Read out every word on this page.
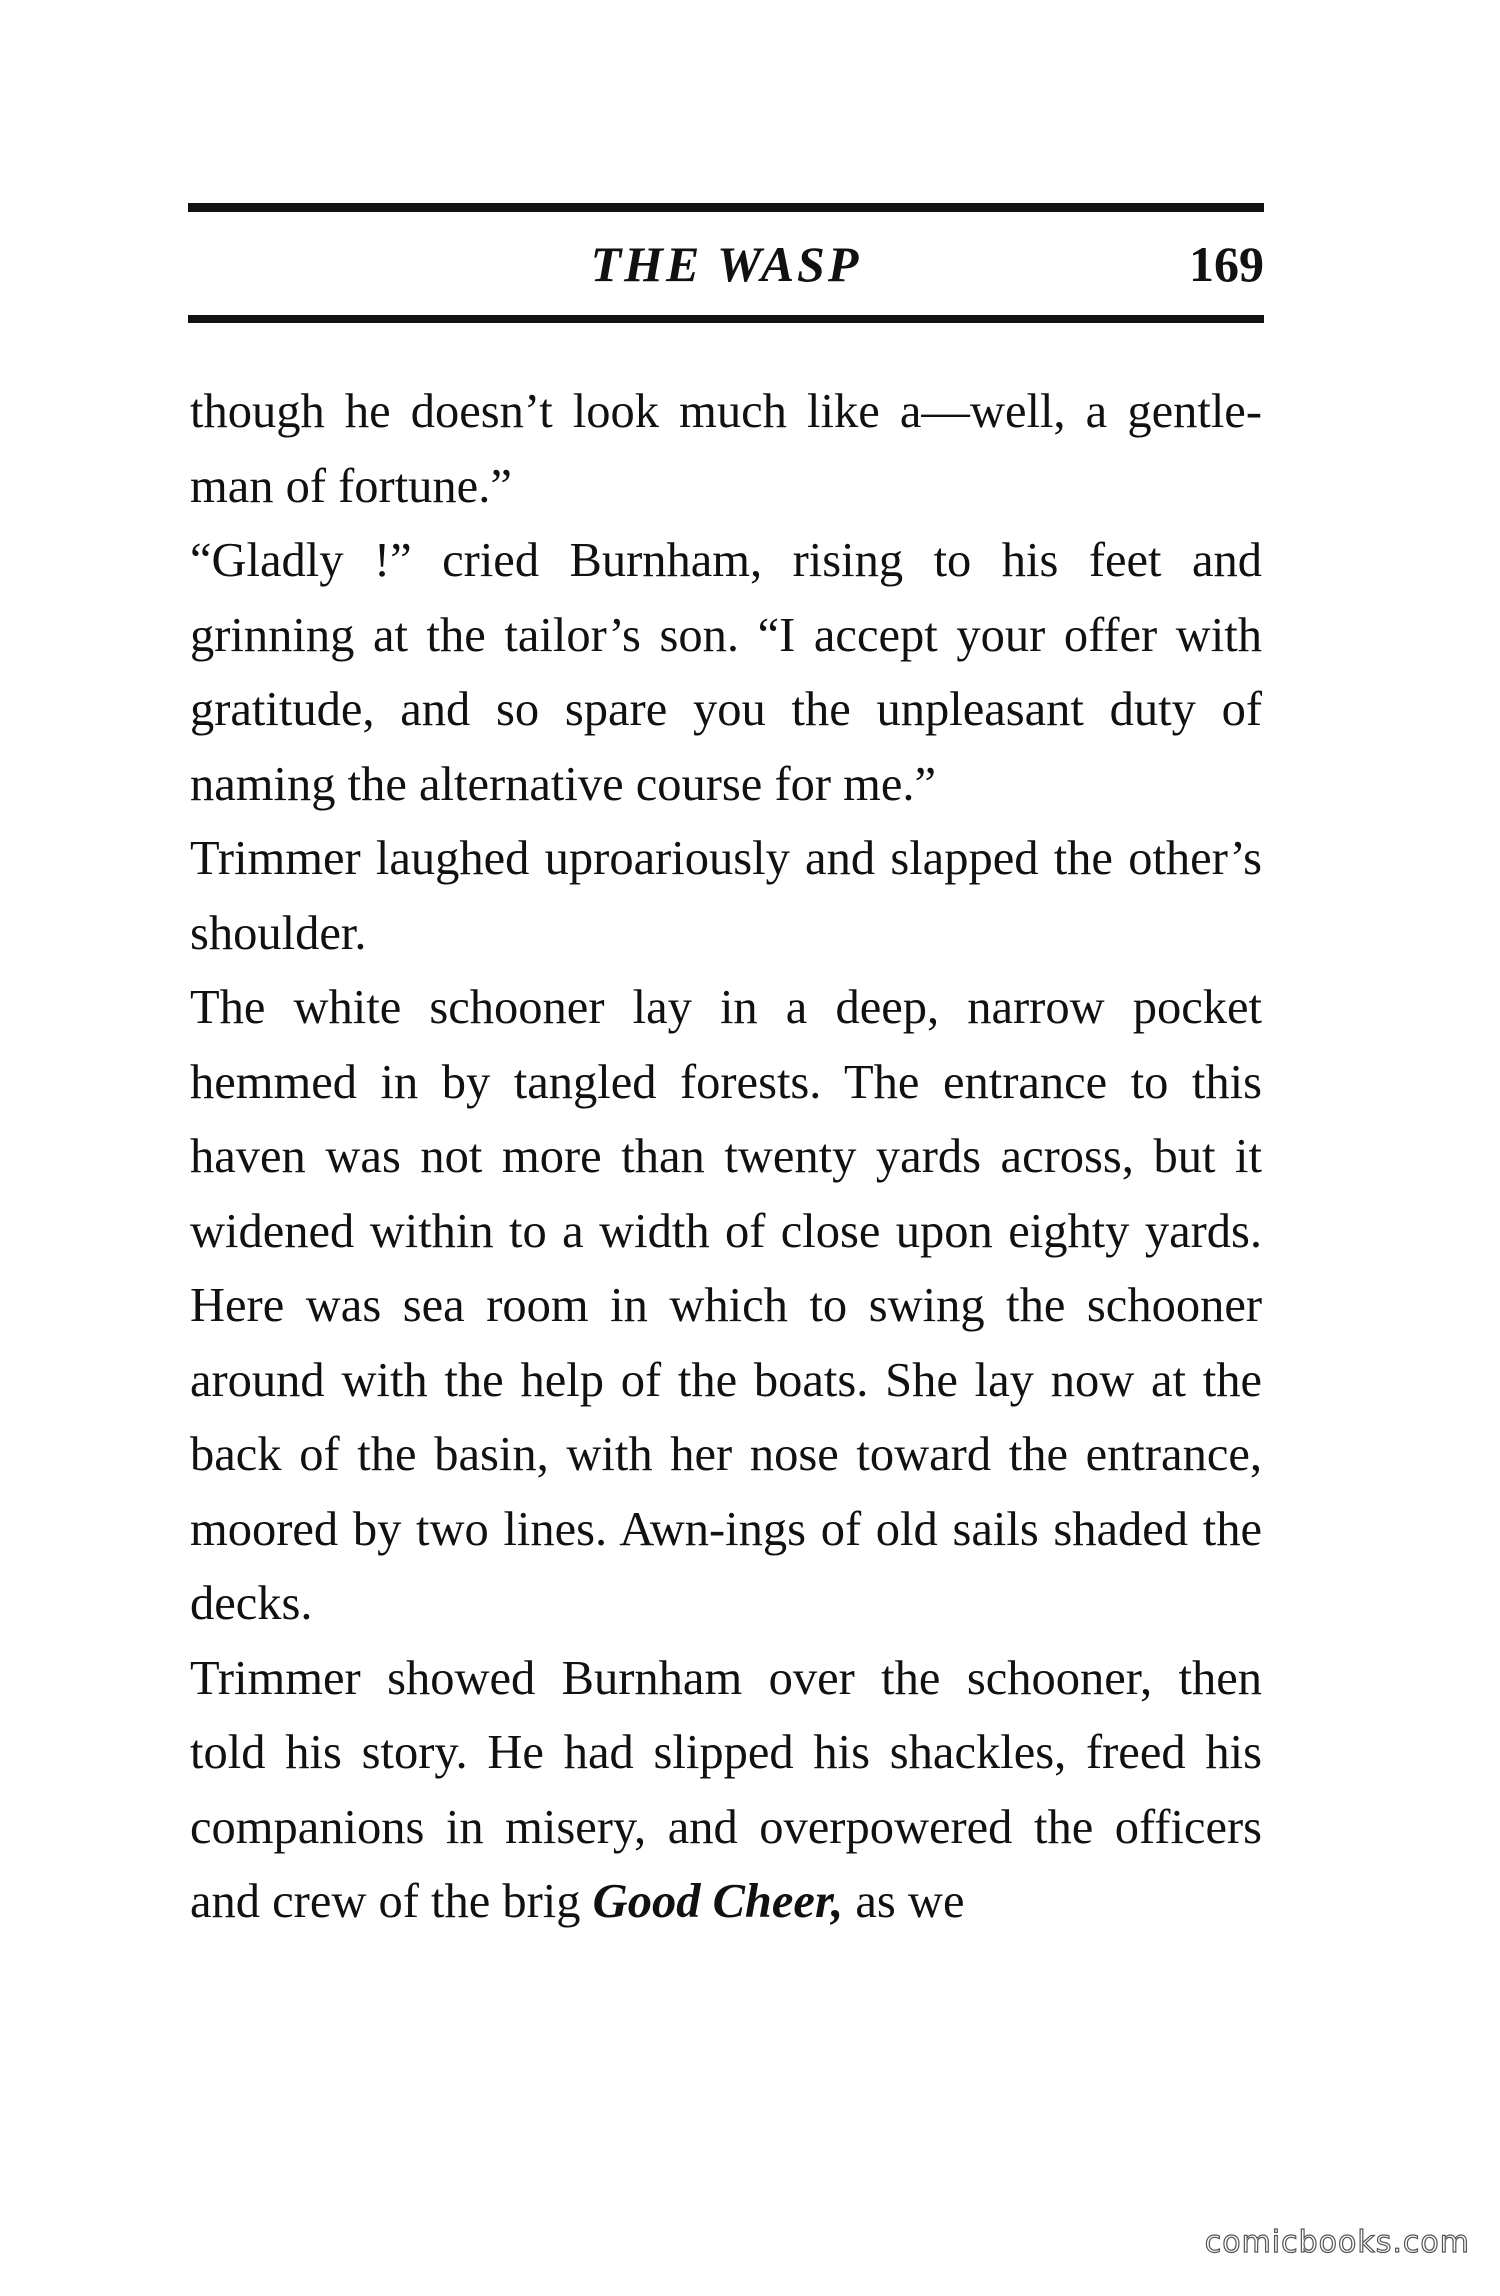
THE WASP	169

though he doesn’t look much like a—well, a gentle-man of fortune.”

“Gladly !” cried Burnham, rising to his feet and grinning at the tailor’s son. “I accept your offer with gratitude, and so spare you the unpleasant duty of naming the alternative course for me.”

Trimmer laughed uproariously and slapped the other’s shoulder.

The white schooner lay in a deep, narrow pocket hemmed in by tangled forests. The entrance to this haven was not more than twenty yards across, but it widened within to a width of close upon eighty yards. Here was sea room in which to swing the schooner around with the help of the boats. She lay now at the back of the basin, with her nose toward the entrance, moored by two lines. Awn-ings of old sails shaded the decks.

Trimmer showed Burnham over the schooner, then told his story. He had slipped his shackles, freed his companions in misery, and overpowered the officers and crew of the brig Good Cheer, as we

comicbooks.com
